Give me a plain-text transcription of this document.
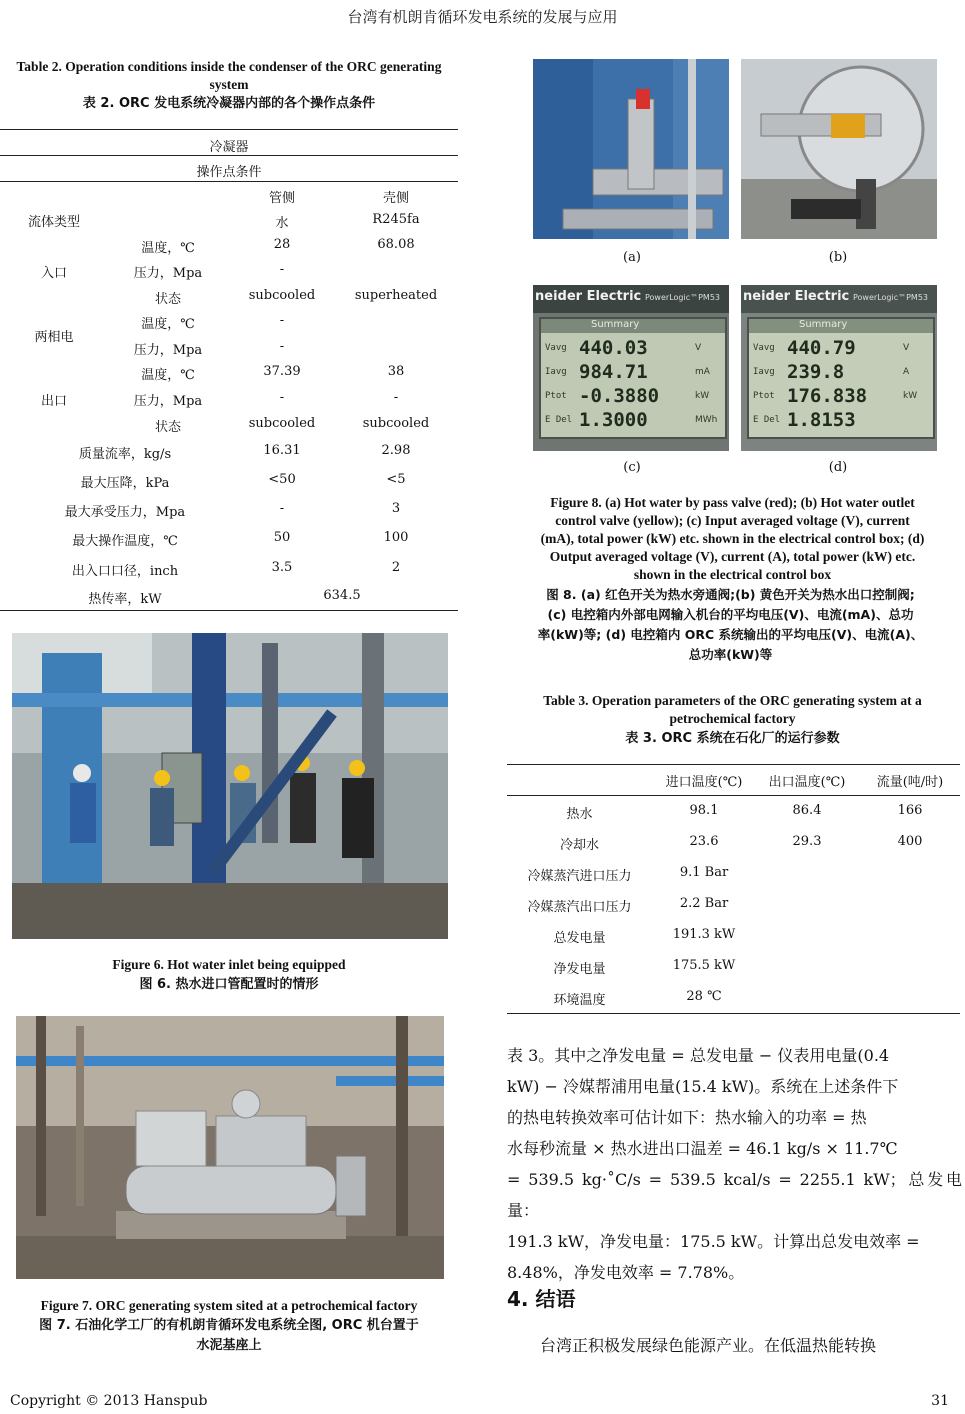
台湾有机朗肯循环发电系统的发展与应用
Table 2. Operation conditions inside the condenser of the ORC generating system
表 2. ORC 发电系统冷凝器内部的各个操作点条件
冷凝器
操作点条件
管侧	壳侧
流体类型	水	R245fa
入口
温度，℃	28	68.08
压力，Mpa	-
状态	subcooled	superheated
两相电
温度，℃	-
压力，Mpa	-
出口
温度，℃	37.39	38
压力，Mpa	-	-
状态	subcooled	subcooled
质量流率，kg/s	16.31	2.98
最大压降，kPa	<50	<5
最大承受压力，Mpa	-	3
最大操作温度，℃	50	100
出入口口径，inch	3.5	2
热传率，kW	634.5
Figure 6. Hot water inlet being equipped
图 6. 热水进口管配置时的情形
Figure 7. ORC generating system sited at a petrochemical factory
图 7. 石油化学工厂的有机朗肯循环发电系统全图, ORC 机台置于
水泥基座上
(a)	(b)
neider Electric PowerLogic™PM53
Summary
Vavg 440.03	V
Iavg 984.71	mA
Ptot -0.3880	kW
E Del 1.3000	MWh
neider Electric PowerLogic™PM53
Summary
Vavg 440.79	V
Iavg 239.8	A
Ptot 176.838	kW
E Del 1.8153
(c)	(d)
Figure 8. (a) Hot water by pass valve (red); (b) Hot water outlet
control valve (yellow); (c) Input averaged voltage (V), current
(mA), total power (kW) etc. shown in the electrical control box; (d)
Output averaged voltage (V), current (A), total power (kW) etc.
shown in the electrical control box
图 8. (a) 红色开关为热水旁通阀;(b) 黄色开关为热水出口控制阀;
(c) 电控箱内外部电网输入机台的平均电压(V)、电流(mA)、总功
率(kW)等; (d) 电控箱内 ORC 系统输出的平均电压(V)、电流(A)、
总功率(kW)等
Table 3. Operation parameters of the ORC generating system at a
petrochemical factory
表 3. ORC 系统在石化厂的运行参数
进口温度(℃)	出口温度(℃)	流量(吨/时)
热水	98.1	86.4	166
冷却水	23.6	29.3	400
冷媒蒸汽进口压力	9.1 Bar
冷媒蒸汽出口压力	2.2 Bar
总发电量	191.3 kW
净发电量	175.5 kW
环境温度	28 ℃
表 3。其中之净发电量 = 总发电量 − 仪表用电量(0.4
kW) − 冷媒帮浦用电量(15.4 kW)。系统在上述条件下
的热电转换效率可估计如下：热水输入的功率 = 热
水每秒流量 × 热水进出口温差 = 46.1 kg/s × 11.7℃
= 539.5 kg·˚C/s = 539.5 kcal/s = 2255.1 kW；总发电量：
191.3 kW，净发电量：175.5 kW。计算出总发电效率 =
8.48%，净发电效率 = 7.78%。
4. 结语
台湾正积极发展绿色能源产业。在低温热能转换
Copyright © 2013 Hanspub	31
